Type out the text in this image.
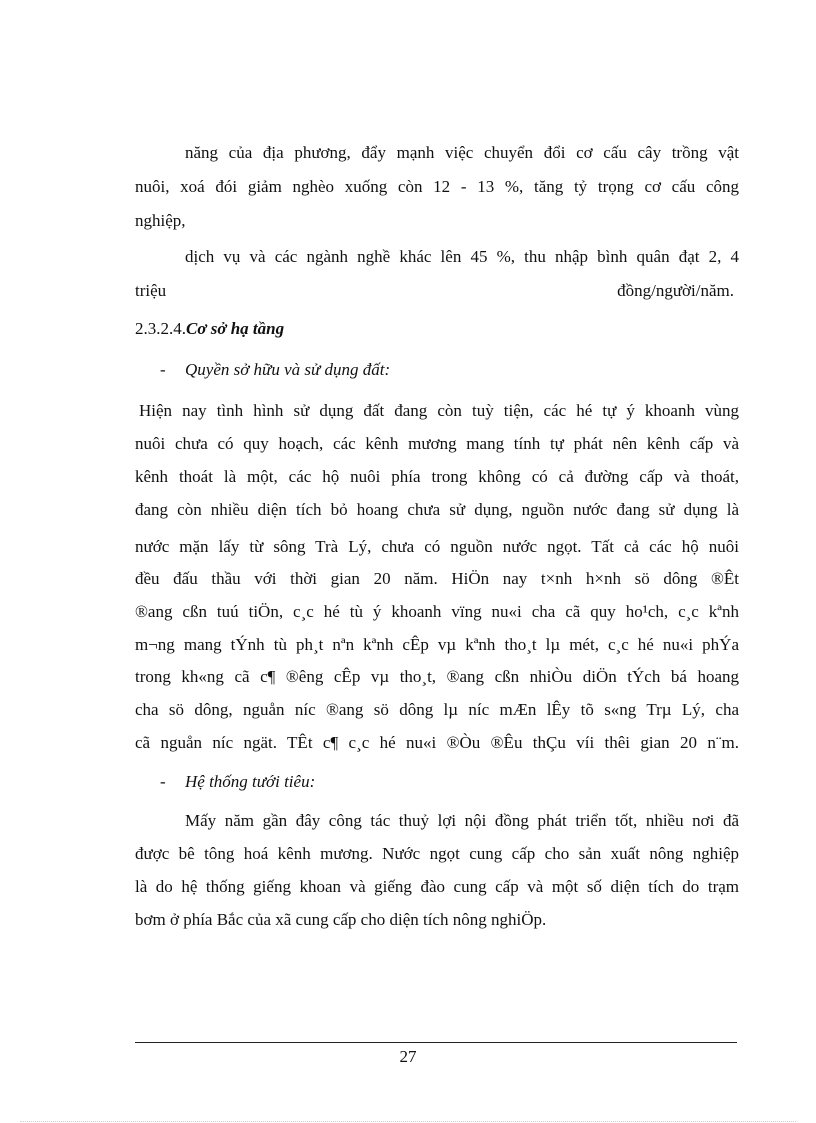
năng của địa phương, đẩy mạnh việc chuyển đổi cơ cấu cây trồng vật
nuôi, xoá đói giảm nghèo xuống còn 12 - 13 %, tăng tỷ trọng cơ cấu công
nghiệp,
dịch vụ và các ngành nghề khác lên 45 %, thu nhập bình quân đạt 2, 4
triệu	đồng/người/năm.
2.3.2.4.Cơ sở hạ tầng
- Quyền sở hữu và sử dụng đất:
Hiện nay tình hình sử dụng đất đang còn tuỳ tiện, các hé tự ý khoanh vùng
nuôi chưa có quy hoạch, các kênh mương mang tính tự phát nên kênh cấp và
kênh thoát là một, các hộ nuôi phía trong không có cả đường cấp và thoát,
đang còn nhiều diện tích bỏ hoang chưa sử dụng, nguồn nước đang sử dụng là
nước mặn lấy từ sông Trà Lý, chưa có nguồn nước ngọt. Tất cả các hộ nuôi
đều đấu thầu với thời gian 20 năm. HiÖn nay t×nh h×nh sö dông ®Êt
®ang cßn tuú tiÖn, c¸c hé tù ý khoanh vïng nu«i cha cã quy ho¹ch, c¸c kªnh
m¬ng mang tÝnh tù ph¸t nªn kªnh cÊp vµ kªnh tho¸t lµ mét, c¸c hé nu«i phÝa
trong kh«ng cã c¶ ®êng cÊp vµ tho¸t, ®ang cßn nhiÒu diÖn tÝch bá hoang
cha sö dông, nguån níc ®ang sö dông lµ níc mÆn lÊy tõ s«ng Trµ Lý, cha
cã nguån níc ngät. TÊt c¶ c¸c hé nu«i ®Òu ®Êu thÇu víi thêi gian 20 n¨m.
- Hệ thống tưới tiêu:
Mấy năm gần đây công tác thuỷ lợi nội đồng phát triển tốt, nhiều nơi đã
được bê tông hoá kênh mương. Nước ngọt cung cấp cho sản xuất nông nghiệp
là do hệ thống giếng khoan và giếng đào cung cấp và một số diện tích do trạm
bơm ở phía Bắc của xã cung cấp cho diện tích nông nghiÖp.
27
